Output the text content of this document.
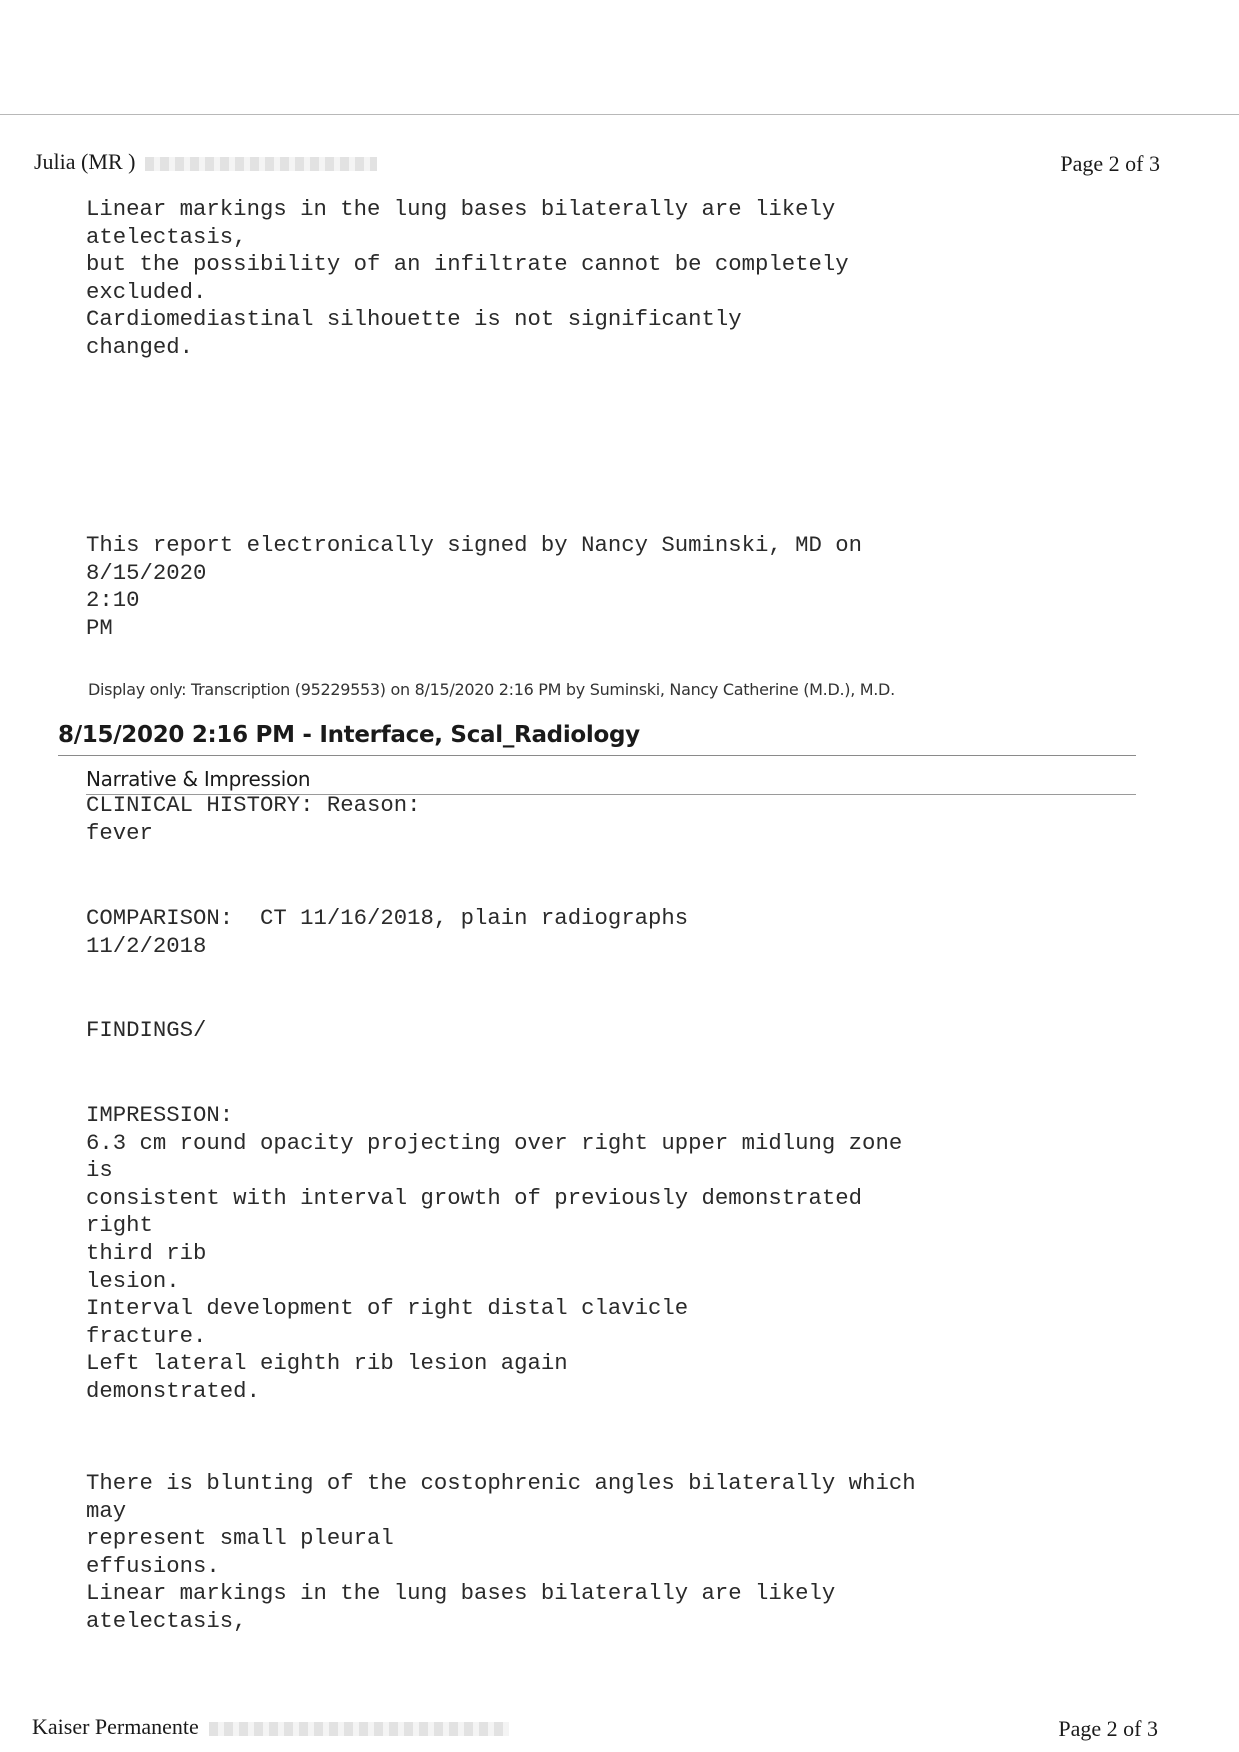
Julia (MR )	Page 2 of 3
Linear markings in the lung bases bilaterally are likely
atelectasis,
but the possibility of an infiltrate cannot be completely
excluded.
Cardiomediastinal silhouette is not significantly
changed.
This report electronically signed by Nancy Suminski, MD on
8/15/2020
2:10
PM
Display only: Transcription (95229553) on 8/15/2020 2:16 PM by Suminski, Nancy Catherine (M.D.), M.D.
8/15/2020 2:16 PM - Interface, Scal_Radiology
Narrative & Impression
CLINICAL HISTORY: Reason:
fever
COMPARISON:  CT 11/16/2018, plain radiographs
11/2/2018
FINDINGS/
IMPRESSION:
6.3 cm round opacity projecting over right upper midlung zone
is
consistent with interval growth of previously demonstrated
right
third rib
lesion.
Interval development of right distal clavicle
fracture.
Left lateral eighth rib lesion again
demonstrated.
There is blunting of the costophrenic angles bilaterally which
may
represent small pleural
effusions.
Linear markings in the lung bases bilaterally are likely
atelectasis,
Kaiser Permanente	Page 2 of 3
